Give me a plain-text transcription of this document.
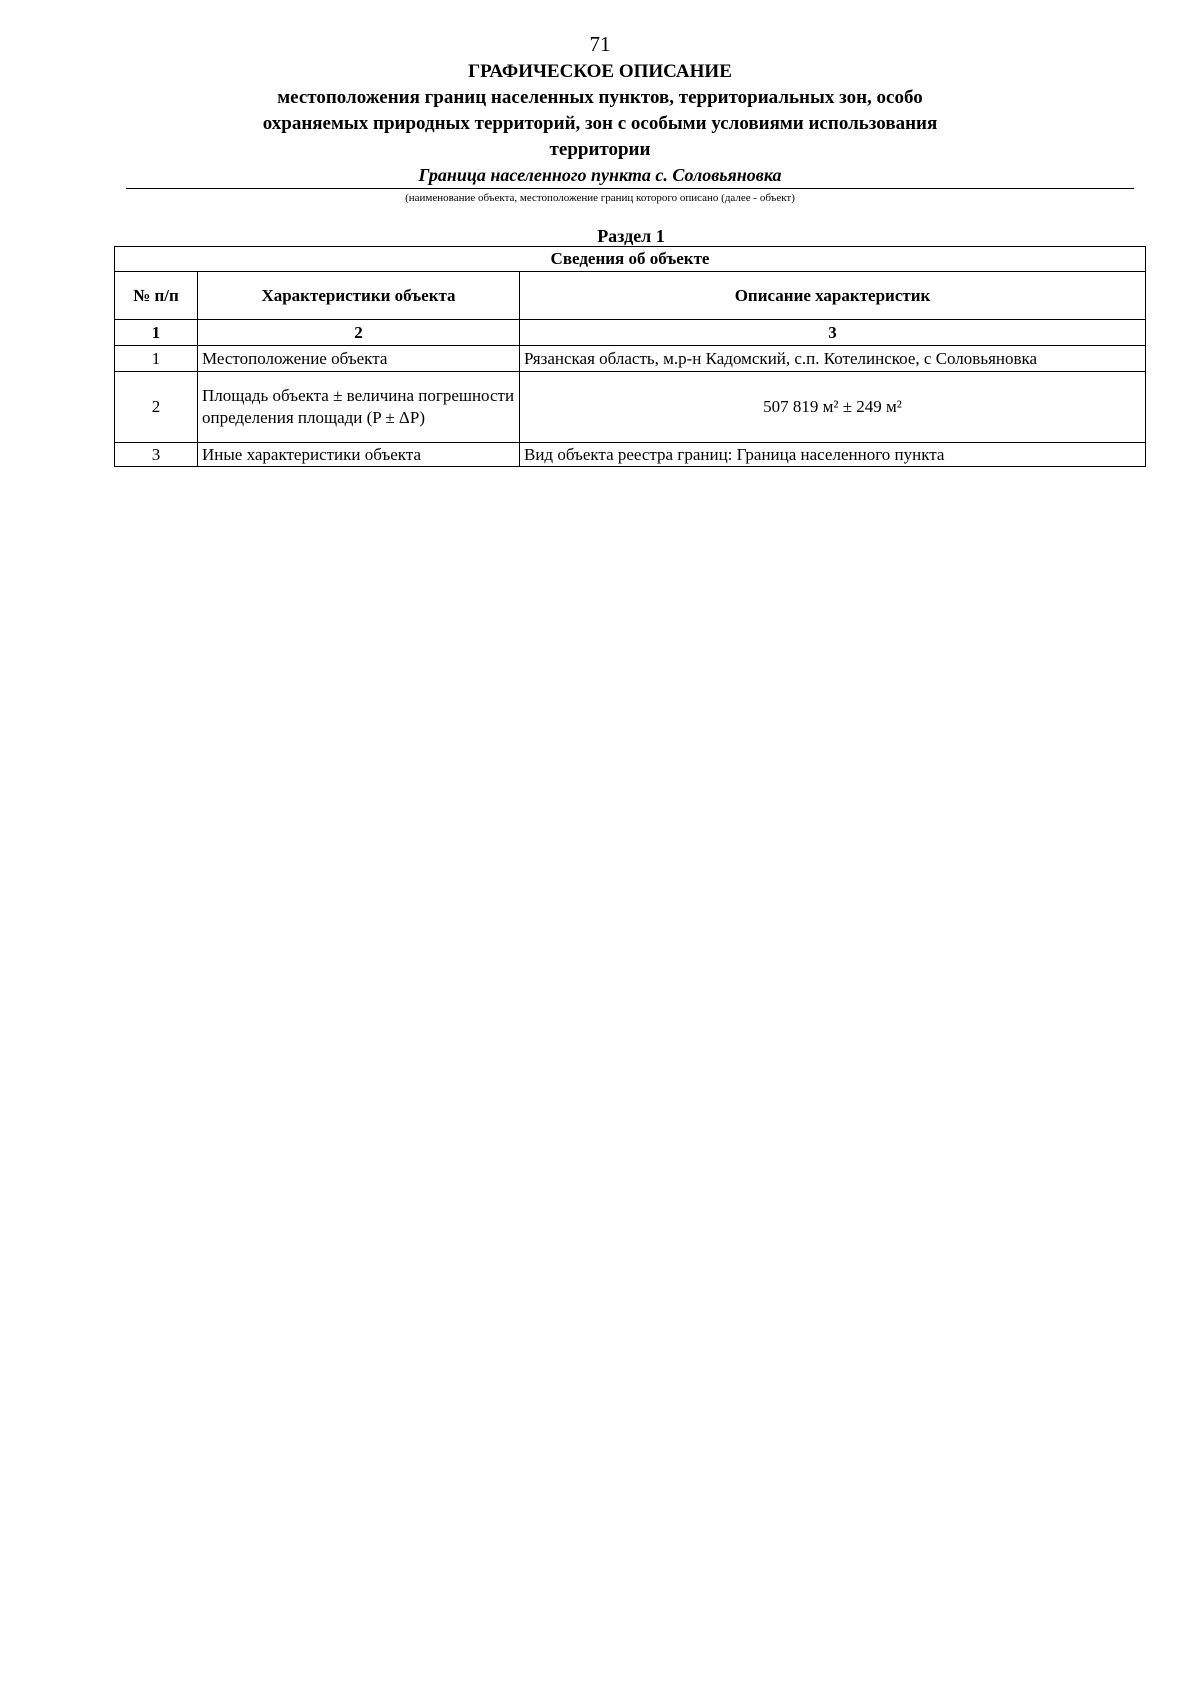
71
ГРАФИЧЕСКОЕ ОПИСАНИЕ
местоположения границ населенных пунктов, территориальных зон, особо охраняемых природных территорий, зон с особыми условиями использования территории
Граница населенного пункта с. Соловьяновка
(наименование объекта, местоположение границ которого описано (далее - объект)
Раздел 1
Сведения об объекте		
№ п/п	Характеристики объекта	Описание характеристик
1	2	3
1	Местоположение объекта	Рязанская область, м.р-н Кадомский, с.п. Котелинское, с Соловьяновка
2	Площадь объекта ± величина погрешности определения площади (P ± ΔP)	507 819 м² ± 249 м²
3	Иные характеристики объекта	Вид объекта реестра границ: Граница населенного пункта
